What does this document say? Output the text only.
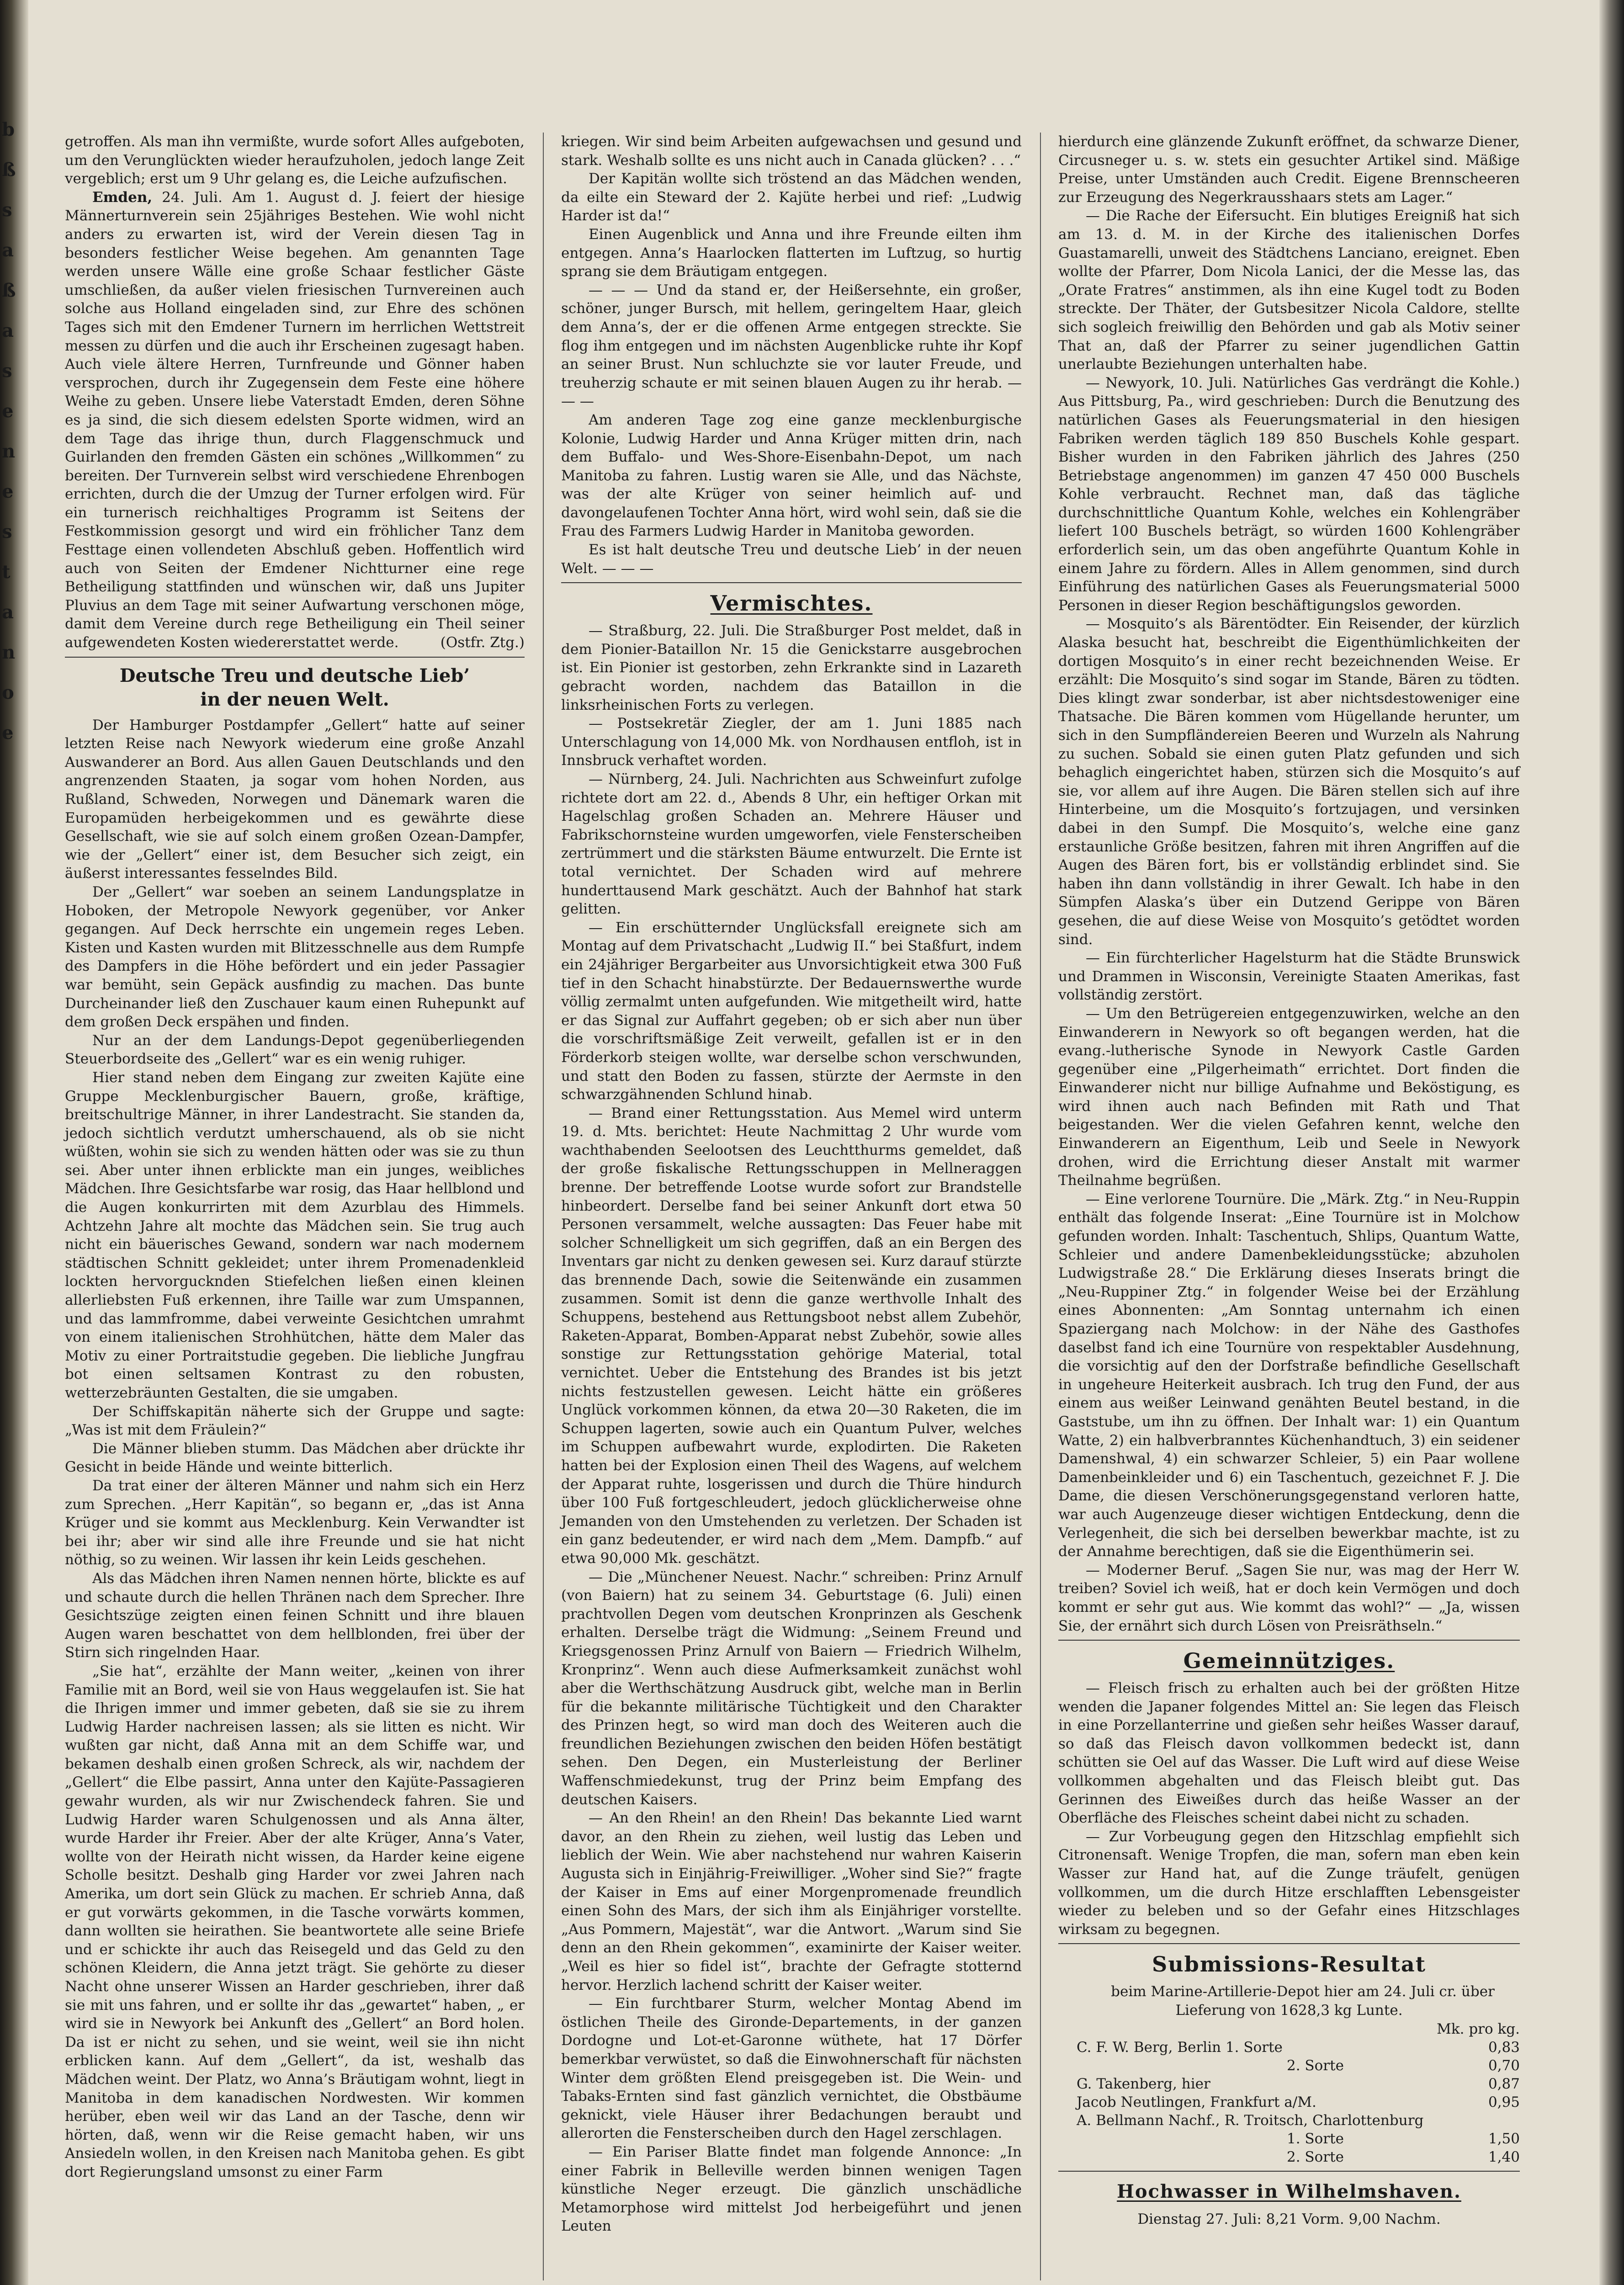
b
ß
s
a
ß
a
s
e
n
e
s
t
a
n
o
e

getroffen. Als man ihn vermißte, wurde sofort Alles aufgeboten, um den Verunglückten wieder heraufzuholen, jedoch lange Zeit vergeblich; erst um 9 Uhr gelang es, die Leiche aufzufischen.

Emden, 24. Juli. Am 1. August d. J. feiert der hiesige Männerturnverein sein 25jähriges Bestehen. Wie wohl nicht anders zu erwarten ist, wird der Verein diesen Tag in besonders festlicher Weise begehen. Am genannten Tage werden unsere Wälle eine große Schaar festlicher Gäste umschließen, da außer vielen friesischen Turnvereinen auch solche aus Holland eingeladen sind, zur Ehre des schönen Tages sich mit den Emdener Turnern im herrlichen Wettstreit messen zu dürfen und die auch ihr Erscheinen zugesagt haben. Auch viele ältere Herren, Turnfreunde und Gönner haben versprochen, durch ihr Zugegensein dem Feste eine höhere Weihe zu geben. Unsere liebe Vaterstadt Emden, deren Söhne es ja sind, die sich diesem edelsten Sporte widmen, wird an dem Tage das ihrige thun, durch Flaggenschmuck und Guirlanden den fremden Gästen ein schönes „Willkommen“ zu bereiten. Der Turnverein selbst wird verschiedene Ehrenbogen errichten, durch die der Umzug der Turner erfolgen wird. Für ein turnerisch reichhaltiges Programm ist Seitens der Festkommission gesorgt und wird ein fröhlicher Tanz dem Festtage einen vollendeten Abschluß geben. Hoffentlich wird auch von Seiten der Emdener Nichtturner eine rege Betheiligung stattfinden und wünschen wir, daß uns Jupiter Pluvius an dem Tage mit seiner Aufwartung verschonen möge, damit dem Vereine durch rege Betheiligung ein Theil seiner aufgewendeten Kosten wiedererstattet werde.	(Ostfr. Ztg.)

Deutsche Treu und deutsche Lieb’
in der neuen Welt.

Der Hamburger Postdampfer „Gellert“ hatte auf seiner letzten Reise nach Newyork wiederum eine große Anzahl Auswanderer an Bord. Aus allen Gauen Deutschlands und den angrenzenden Staaten, ja sogar vom hohen Norden, aus Rußland, Schweden, Norwegen und Dänemark waren die Europamüden herbeigekommen und es gewährte diese Gesellschaft, wie sie auf solch einem großen Ozean-Dampfer, wie der „Gellert“ einer ist, dem Besucher sich zeigt, ein äußerst interessantes fesselndes Bild.

Der „Gellert“ war soeben an seinem Landungsplatze in Hoboken, der Metropole Newyork gegenüber, vor Anker gegangen. Auf Deck herrschte ein ungemein reges Leben. Kisten und Kasten wurden mit Blitzesschnelle aus dem Rumpfe des Dampfers in die Höhe befördert und ein jeder Passagier war bemüht, sein Gepäck ausfindig zu machen. Das bunte Durcheinander ließ den Zuschauer kaum einen Ruhepunkt auf dem großen Deck erspähen und finden.

Nur an der dem Landungs-Depot gegenüberliegenden Steuerbordseite des „Gellert“ war es ein wenig ruhiger.

Hier stand neben dem Eingang zur zweiten Kajüte eine Gruppe Mecklenburgischer Bauern, große, kräftige, breitschultrige Männer, in ihrer Landestracht. Sie standen da, jedoch sichtlich verdutzt umherschauend, als ob sie nicht wüßten, wohin sie sich zu wenden hätten oder was sie zu thun sei. Aber unter ihnen erblickte man ein junges, weibliches Mädchen. Ihre Gesichtsfarbe war rosig, das Haar hellblond und die Augen konkurrirten mit dem Azurblau des Himmels. Achtzehn Jahre alt mochte das Mädchen sein. Sie trug auch nicht ein bäuerisches Gewand, sondern war nach modernem städtischen Schnitt gekleidet; unter ihrem Promenadenkleid lockten hervorgucknden Stiefelchen ließen einen kleinen allerliebsten Fuß erkennen, ihre Taille war zum Umspannen, und das lammfromme, dabei verweinte Gesichtchen umrahmt von einem italienischen Strohhütchen, hätte dem Maler das Motiv zu einer Portraitstudie gegeben. Die liebliche Jungfrau bot einen seltsamen Kontrast zu den robusten, wetterzebräunten Gestalten, die sie umgaben.

Der Schiffskapitän näherte sich der Gruppe und sagte: „Was ist mit dem Fräulein?“

Die Männer blieben stumm. Das Mädchen aber drückte ihr Gesicht in beide Hände und weinte bitterlich.

Da trat einer der älteren Männer und nahm sich ein Herz zum Sprechen. „Herr Kapitän“, so begann er, „das ist Anna Krüger und sie kommt aus Mecklenburg. Kein Verwandter ist bei ihr; aber wir sind alle ihre Freunde und sie hat nicht nöthig, so zu weinen. Wir lassen ihr kein Leids geschehen.

Als das Mädchen ihren Namen nennen hörte, blickte es auf und schaute durch die hellen Thränen nach dem Sprecher. Ihre Gesichtszüge zeigten einen feinen Schnitt und ihre blauen Augen waren beschattet von dem hellblonden, frei über der Stirn sich ringelnden Haar.

„Sie hat“, erzählte der Mann weiter, „keinen von ihrer Familie mit an Bord, weil sie von Haus weggelaufen ist. Sie hat die Ihrigen immer und immer gebeten, daß sie sie zu ihrem Ludwig Harder nachreisen lassen; als sie litten es nicht. Wir wußten gar nicht, daß Anna mit an dem Schiffe war, und bekamen deshalb einen großen Schreck, als wir, nachdem der „Gellert“ die Elbe passirt, Anna unter den Kajüte-Passagieren gewahr wurden, als wir nur Zwischendeck fahren. Sie und Ludwig Harder waren Schulgenossen und als Anna älter, wurde Harder ihr Freier. Aber der alte Krüger, Anna’s Vater, wollte von der Heirath nicht wissen, da Harder keine eigene Scholle besitzt. Deshalb ging Harder vor zwei Jahren nach Amerika, um dort sein Glück zu machen. Er schrieb Anna, daß er gut vorwärts gekommen, in die Tasche vorwärts kommen, dann wollten sie heirathen. Sie beantwortete alle seine Briefe und er schickte ihr auch das Reisegeld und das Geld zu den schönen Kleidern, die Anna jetzt trägt. Sie gehörte zu dieser Nacht ohne unserer Wissen an Harder geschrieben, ihrer daß sie mit uns fahren, und er sollte ihr das „gewartet“ haben, „ er wird sie in Newyork bei Ankunft des „Gellert“ an Bord holen. Da ist er nicht zu sehen, und sie weint, weil sie ihn nicht erblicken kann. Auf dem „Gellert“, da ist, weshalb das Mädchen weint. Der Platz, wo Anna’s Bräutigam wohnt, liegt in Manitoba in dem kanadischen Nordwesten. Wir kommen herüber, eben weil wir das Land an der Tasche, denn wir hörten, daß, wenn wir die Reise gemacht haben, wir uns Ansiedeln wollen, in den Kreisen nach Manitoba gehen. Es gibt dort Regierungsland umsonst zu einer Farm

kriegen. Wir sind beim Arbeiten aufgewachsen und gesund und stark. Weshalb sollte es uns nicht auch in Canada glücken? . . .“

Der Kapitän wollte sich tröstend an das Mädchen wenden, da eilte ein Steward der 2. Kajüte herbei und rief: „Ludwig Harder ist da!“

Einen Augenblick und Anna und ihre Freunde eilten ihm entgegen. Anna’s Haarlocken flatterten im Luftzug, so hurtig sprang sie dem Bräutigam entgegen.

— — — Und da stand er, der Heißersehnte, ein großer, schöner, junger Bursch, mit hellem, geringeltem Haar, gleich dem Anna’s, der er die offenen Arme entgegen streckte. Sie flog ihm entgegen und im nächsten Augenblicke ruhte ihr Kopf an seiner Brust. Nun schluchzte sie vor lauter Freude, und treuherzig schaute er mit seinen blauen Augen zu ihr herab. — — —

Am anderen Tage zog eine ganze mecklenburgische Kolonie, Ludwig Harder und Anna Krüger mitten drin, nach dem Buffalo- und Wes-Shore-Eisenbahn-Depot, um nach Manitoba zu fahren. Lustig waren sie Alle, und das Nächste, was der alte Krüger von seiner heimlich auf- und davongelaufenen Tochter Anna hört, wird wohl sein, daß sie die Frau des Farmers Ludwig Harder in Manitoba geworden.

Es ist halt deutsche Treu und deutsche Lieb’ in der neuen Welt. — — —

Vermischtes.

— Straßburg, 22. Juli. Die Straßburger Post meldet, daß in dem Pionier-Bataillon Nr. 15 die Genickstarre ausgebrochen ist. Ein Pionier ist gestorben, zehn Erkrankte sind in Lazareth gebracht worden, nachdem das Bataillon in die linksrheinischen Forts zu verlegen.

— Postsekretär Ziegler, der am 1. Juni 1885 nach Unterschlagung von 14,000 Mk. von Nordhausen entfloh, ist in Innsbruck verhaftet worden.

— Nürnberg, 24. Juli. Nachrichten aus Schweinfurt zufolge richtete dort am 22. d., Abends 8 Uhr, ein heftiger Orkan mit Hagelschlag großen Schaden an. Mehrere Häuser und Fabrikschornsteine wurden umgeworfen, viele Fensterscheiben zertrümmert und die stärksten Bäume entwurzelt. Die Ernte ist total vernichtet. Der Schaden wird auf mehrere hunderttausend Mark geschätzt. Auch der Bahnhof hat stark gelitten.

— Ein erschütternder Unglücksfall ereignete sich am Montag auf dem Privatschacht „Ludwig II.“ bei Staßfurt, indem ein 24jähriger Bergarbeiter aus Unvorsichtigkeit etwa 300 Fuß tief in den Schacht hinabstürzte. Der Bedauernswerthe wurde völlig zermalmt unten aufgefunden. Wie mitgetheilt wird, hatte er das Signal zur Auffahrt gegeben; ob er sich aber nun über die vorschriftsmäßige Zeit verweilt, gefallen ist er in den Förderkorb steigen wollte, war derselbe schon verschwunden, und statt den Boden zu fassen, stürzte der Aermste in den schwarzgähnenden Schlund hinab.

— Brand einer Rettungsstation. Aus Memel wird unterm 19. d. Mts. berichtet: Heute Nachmittag 2 Uhr wurde vom wachthabenden Seelootsen des Leuchtthurms gemeldet, daß der große fiskalische Rettungsschuppen in Mellneraggen brenne. Der betreffende Lootse wurde sofort zur Brandstelle hinbeordert. Derselbe fand bei seiner Ankunft dort etwa 50 Personen versammelt, welche aussagten: Das Feuer habe mit solcher Schnelligkeit um sich gegriffen, daß an ein Bergen des Inventars gar nicht zu denken gewesen sei. Kurz darauf stürzte das brennende Dach, sowie die Seitenwände ein zusammen zusammen. Somit ist denn die ganze werthvolle Inhalt des Schuppens, bestehend aus Rettungsboot nebst allem Zubehör, Raketen-Apparat, Bomben-Apparat nebst Zubehör, sowie alles sonstige zur Rettungsstation gehörige Material, total vernichtet. Ueber die Entstehung des Brandes ist bis jetzt nichts festzustellen gewesen. Leicht hätte ein größeres Unglück vorkommen können, da etwa 20—30 Raketen, die im Schuppen lagerten, sowie auch ein Quantum Pulver, welches im Schuppen aufbewahrt wurde, explodirten. Die Raketen hatten bei der Explosion einen Theil des Wagens, auf welchem der Apparat ruhte, losgerissen und durch die Thüre hindurch über 100 Fuß fortgeschleudert, jedoch glücklicherweise ohne Jemanden von den Umstehenden zu verletzen. Der Schaden ist ein ganz bedeutender, er wird nach dem „Mem. Dampfb.“ auf etwa 90,000 Mk. geschätzt.

— Die „Münchener Neuest. Nachr.“ schreiben: Prinz Arnulf (von Baiern) hat zu seinem 34. Geburtstage (6. Juli) einen prachtvollen Degen vom deutschen Kronprinzen als Geschenk erhalten. Derselbe trägt die Widmung: „Seinem Freund und Kriegsgenossen Prinz Arnulf von Baiern — Friedrich Wilhelm, Kronprinz“. Wenn auch diese Aufmerksamkeit zunächst wohl aber die Werthschätzung Ausdruck gibt, welche man in Berlin für die bekannte militärische Tüchtigkeit und den Charakter des Prinzen hegt, so wird man doch des Weiteren auch die freundlichen Beziehungen zwischen den beiden Höfen bestätigt sehen. Den Degen, ein Musterleistung der Berliner Waffenschmiedekunst, trug der Prinz beim Empfang des deutschen Kaisers.

— An den Rhein! an den Rhein! Das bekannte Lied warnt davor, an den Rhein zu ziehen, weil lustig das Leben und lieblich der Wein. Wie aber nachstehend nur wahren Kaiserin Augusta sich in Einjährig-Freiwilliger. „Woher sind Sie?“ fragte der Kaiser in Ems auf einer Morgenpromenade freundlich einen Sohn des Mars, der sich ihm als Einjähriger vorstellte. „Aus Pommern, Majestät“, war die Antwort. „Warum sind Sie denn an den Rhein gekommen“, examinirte der Kaiser weiter. „Weil es hier so fidel ist“, brachte der Gefragte stotternd hervor. Herzlich lachend schritt der Kaiser weiter.

— Ein furchtbarer Sturm, welcher Montag Abend im östlichen Theile des Gironde-Departements, in der ganzen Dordogne und Lot-et-Garonne wüthete, hat 17 Dörfer bemerkbar verwüstet, so daß die Einwohnerschaft für nächsten Winter dem größten Elend preisgegeben ist. Die Wein- und Tabaks-Ernten sind fast gänzlich vernichtet, die Obstbäume geknickt, viele Häuser ihrer Bedachungen beraubt und allerorten die Fensterscheiben durch den Hagel zerschlagen.

— Ein Pariser Blatte findet man folgende Annonce: „In einer Fabrik in Belleville werden binnen wenigen Tagen künstliche Neger erzeugt. Die gänzlich unschädliche Metamorphose wird mittelst Jod herbeigeführt und jenen Leuten

hierdurch eine glänzende Zukunft eröffnet, da schwarze Diener, Circusneger u. s. w. stets ein gesuchter Artikel sind. Mäßige Preise, unter Umständen auch Credit. Eigene Brennscheeren zur Erzeugung des Negerkrausshaars stets am Lager.“

— Die Rache der Eifersucht. Ein blutiges Ereigniß hat sich am 13. d. M. in der Kirche des italienischen Dorfes Guastamarelli, unweit des Städtchens Lanciano, ereignet. Eben wollte der Pfarrer, Dom Nicola Lanici, der die Messe las, das „Orate Fratres“ anstimmen, als ihn eine Kugel todt zu Boden streckte. Der Thäter, der Gutsbesitzer Nicola Caldore, stellte sich sogleich freiwillig den Behörden und gab als Motiv seiner That an, daß der Pfarrer zu seiner jugendlichen Gattin unerlaubte Beziehungen unterhalten habe.

— Newyork, 10. Juli. Natürliches Gas verdrängt die Kohle.) Aus Pittsburg, Pa., wird geschrieben: Durch die Benutzung des natürlichen Gases als Feuerungsmaterial in den hiesigen Fabriken werden täglich 189 850 Buschels Kohle gespart. Bisher wurden in den Fabriken jährlich des Jahres (250 Betriebstage angenommen) im ganzen 47 450 000 Buschels Kohle verbraucht. Rechnet man, daß das tägliche durchschnittliche Quantum Kohle, welches ein Kohlengräber liefert 100 Buschels beträgt, so würden 1600 Kohlengräber erforderlich sein, um das oben angeführte Quantum Kohle in einem Jahre zu fördern. Alles in Allem genommen, sind durch Einführung des natürlichen Gases als Feuerungsmaterial 5000 Personen in dieser Region beschäftigungslos geworden.

— Mosquito’s als Bärentödter. Ein Reisender, der kürzlich Alaska besucht hat, beschreibt die Eigenthümlichkeiten der dortigen Mosquito’s in einer recht bezeichnenden Weise. Er erzählt: Die Mosquito’s sind sogar im Stande, Bären zu tödten. Dies klingt zwar sonderbar, ist aber nichtsdestoweniger eine Thatsache. Die Bären kommen vom Hügellande herunter, um sich in den Sumpfländereien Beeren und Wurzeln als Nahrung zu suchen. Sobald sie einen guten Platz gefunden und sich behaglich eingerichtet haben, stürzen sich die Mosquito’s auf sie, vor allem auf ihre Augen. Die Bären stellen sich auf ihre Hinterbeine, um die Mosquito’s fortzujagen, und versinken dabei in den Sumpf. Die Mosquito’s, welche eine ganz erstaunliche Größe besitzen, fahren mit ihren Angriffen auf die Augen des Bären fort, bis er vollständig erblindet sind. Sie haben ihn dann vollständig in ihrer Gewalt. Ich habe in den Sümpfen Alaska’s über ein Dutzend Gerippe von Bären gesehen, die auf diese Weise von Mosquito’s getödtet worden sind.

— Ein fürchterlicher Hagelsturm hat die Städte Brunswick und Drammen in Wisconsin, Vereinigte Staaten Amerikas, fast vollständig zerstört.

— Um den Betrügereien entgegenzuwirken, welche an den Einwanderern in Newyork so oft begangen werden, hat die evang.-lutherische Synode in Newyork Castle Garden gegenüber eine „Pilgerheimath“ errichtet. Dort finden die Einwanderer nicht nur billige Aufnahme und Beköstigung, es wird ihnen auch nach Befinden mit Rath und That beigestanden. Wer die vielen Gefahren kennt, welche den Einwanderern an Eigenthum, Leib und Seele in Newyork drohen, wird die Errichtung dieser Anstalt mit warmer Theilnahme begrüßen.

— Eine verlorene Tournüre. Die „Märk. Ztg.“ in Neu-Ruppin enthält das folgende Inserat: „Eine Tournüre ist in Molchow gefunden worden. Inhalt: Taschentuch, Shlips, Quantum Watte, Schleier und andere Damenbekleidungsstücke; abzuholen Ludwigstraße 28.“ Die Erklärung dieses Inserats bringt die „Neu-Ruppiner Ztg.“ in folgender Weise bei der Erzählung eines Abonnenten: „Am Sonntag unternahm ich einen Spaziergang nach Molchow: in der Nähe des Gasthofes daselbst fand ich eine Tournüre von respektabler Ausdehnung, die vorsichtig auf den der Dorfstraße befindliche Gesellschaft in ungeheure Heiterkeit ausbrach. Ich trug den Fund, der aus einem aus weißer Leinwand genähten Beutel bestand, in die Gaststube, um ihn zu öffnen. Der Inhalt war: 1) ein Quantum Watte, 2) ein halbverbranntes Küchenhandtuch, 3) ein seidener Damenshwal, 4) ein schwarzer Schleier, 5) ein Paar wollene Damenbeinkleider und 6) ein Taschentuch, gezeichnet F. J. Die Dame, die diesen Verschönerungsgegenstand verloren hatte, war auch Augenzeuge dieser wichtigen Entdeckung, denn die Verlegenheit, die sich bei derselben bewerkbar machte, ist zu der Annahme berechtigen, daß sie die Eigenthümerin sei.

— Moderner Beruf. „Sagen Sie nur, was mag der Herr W. treiben? Soviel ich weiß, hat er doch kein Vermögen und doch kommt er sehr gut aus. Wie kommt das wohl?“ — „Ja, wissen Sie, der ernährt sich durch Lösen von Preisräthseln.“

Gemeinnütziges.

— Fleisch frisch zu erhalten auch bei der größten Hitze wenden die Japaner folgendes Mittel an: Sie legen das Fleisch in eine Porzellanterrine und gießen sehr heißes Wasser darauf, so daß das Fleisch davon vollkommen bedeckt ist, dann schütten sie Oel auf das Wasser. Die Luft wird auf diese Weise vollkommen abgehalten und das Fleisch bleibt gut. Das Gerinnen des Eiweißes durch das heiße Wasser an der Oberfläche des Fleisches scheint dabei nicht zu schaden.

— Zur Vorbeugung gegen den Hitzschlag empfiehlt sich Citronensaft. Wenige Tropfen, die man, sofern man eben kein Wasser zur Hand hat, auf die Zunge träufelt, genügen vollkommen, um die durch Hitze erschlafften Lebensgeister wieder zu beleben und so der Gefahr eines Hitzschlages wirksam zu begegnen.

Submissions-Resultat

beim Marine-Artillerie-Depot hier am 24. Juli cr. über Lieferung von 1628,3 kg Lunte.

Mk. pro kg.
C. F. W. Berg, Berlin 1. Sorte	0,83
2. Sorte	0,70
G. Takenberg, hier	0,87
Jacob Neutlingen, Frankfurt a/M.	0,95
A. Bellmann Nachf., R. Troitsch, Charlottenburg	
1. Sorte	1,50
2. Sorte	1,40
Hochwasser in Wilhelmshaven.
Dienstag 27. Juli: 8,21 Vorm. 9,00 Nachm.
